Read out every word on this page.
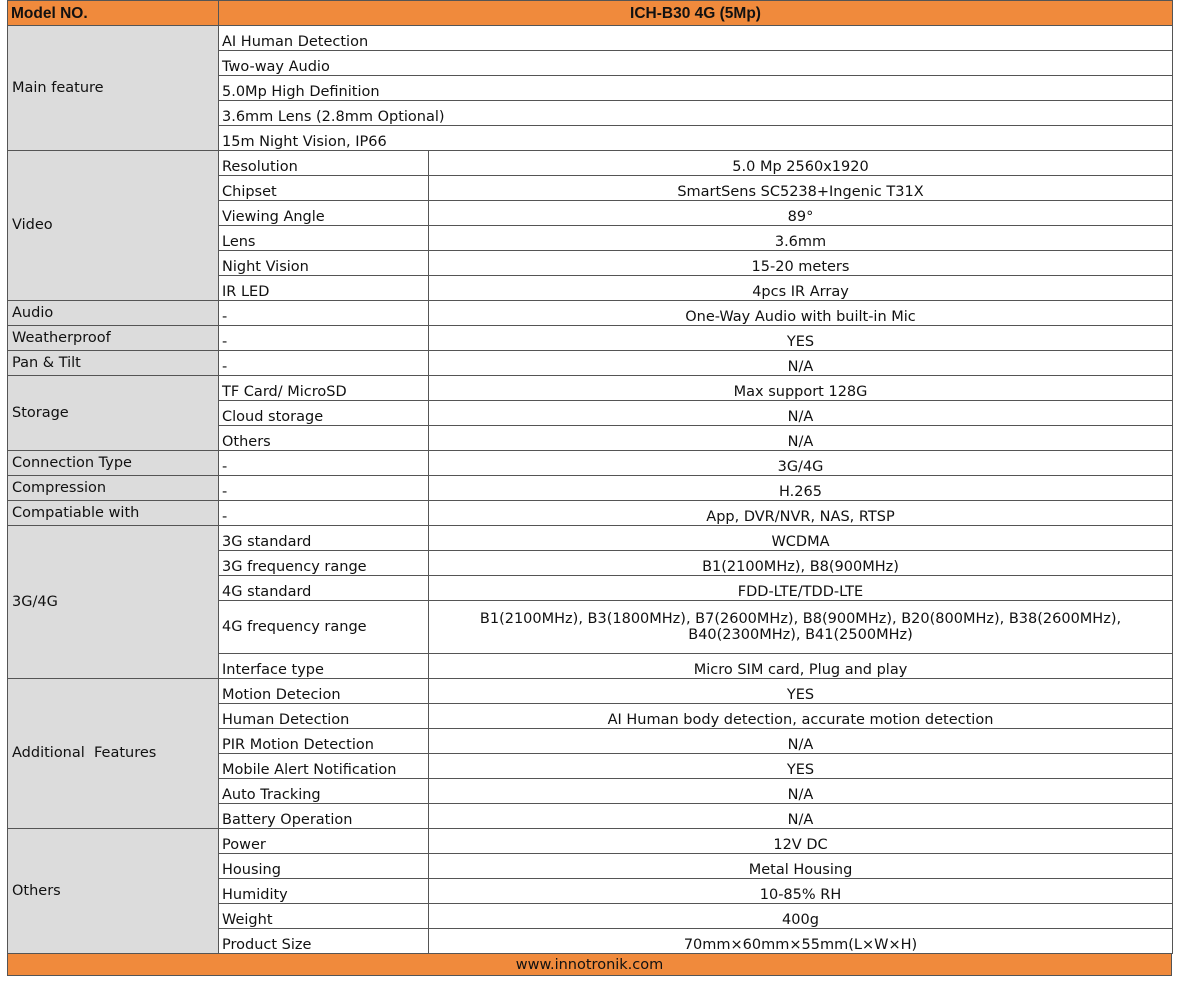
Model NO.	ICH-B30 4G (5Mp)	
Main feature	AI Human Detection	
	Two-way Audio	
	5.0Mp High Definition	
	3.6mm Lens (2.8mm Optional)	
	15m Night Vision, IP66	
Video	Resolution	5.0 Mp 2560x1920
	Chipset	SmartSens SC5238+Ingenic T31X
	Viewing Angle	89°
	Lens	3.6mm
	Night Vision	15-20 meters
	IR LED	4pcs IR Array
Audio	-	One-Way Audio with built-in Mic
Weatherproof	-	YES
Pan & Tilt	-	N/A
Storage	TF Card/ MicroSD	Max support 128G
	Cloud storage	N/A
	Others	N/A
Connection Type	-	3G/4G
Compression	-	H.265
Compatiable with	-	App, DVR/NVR, NAS, RTSP
3G/4G	3G standard	WCDMA
	3G frequency range	B1(2100MHz), B8(900MHz)
	4G standard	FDD-LTE/TDD-LTE
	4G frequency range	B1(2100MHz), B3(1800MHz), B7(2600MHz), B8(900MHz), B20(800MHz), B38(2600MHz), B40(2300MHz), B41(2500MHz)
	Interface type	Micro SIM card, Plug and play
Additional  Features	Motion Detecion	YES
	Human Detection	AI Human body detection, accurate motion detection
	PIR Motion Detection	N/A
	Mobile Alert Notification	YES
	Auto Tracking	N/A
	Battery Operation	N/A
Others	Power	12V DC
	Housing	Metal Housing
	Humidity	10-85% RH
	Weight	400g
	Product Size	70mm×60mm×55mm(L×W×H)
www.innotronik.com
